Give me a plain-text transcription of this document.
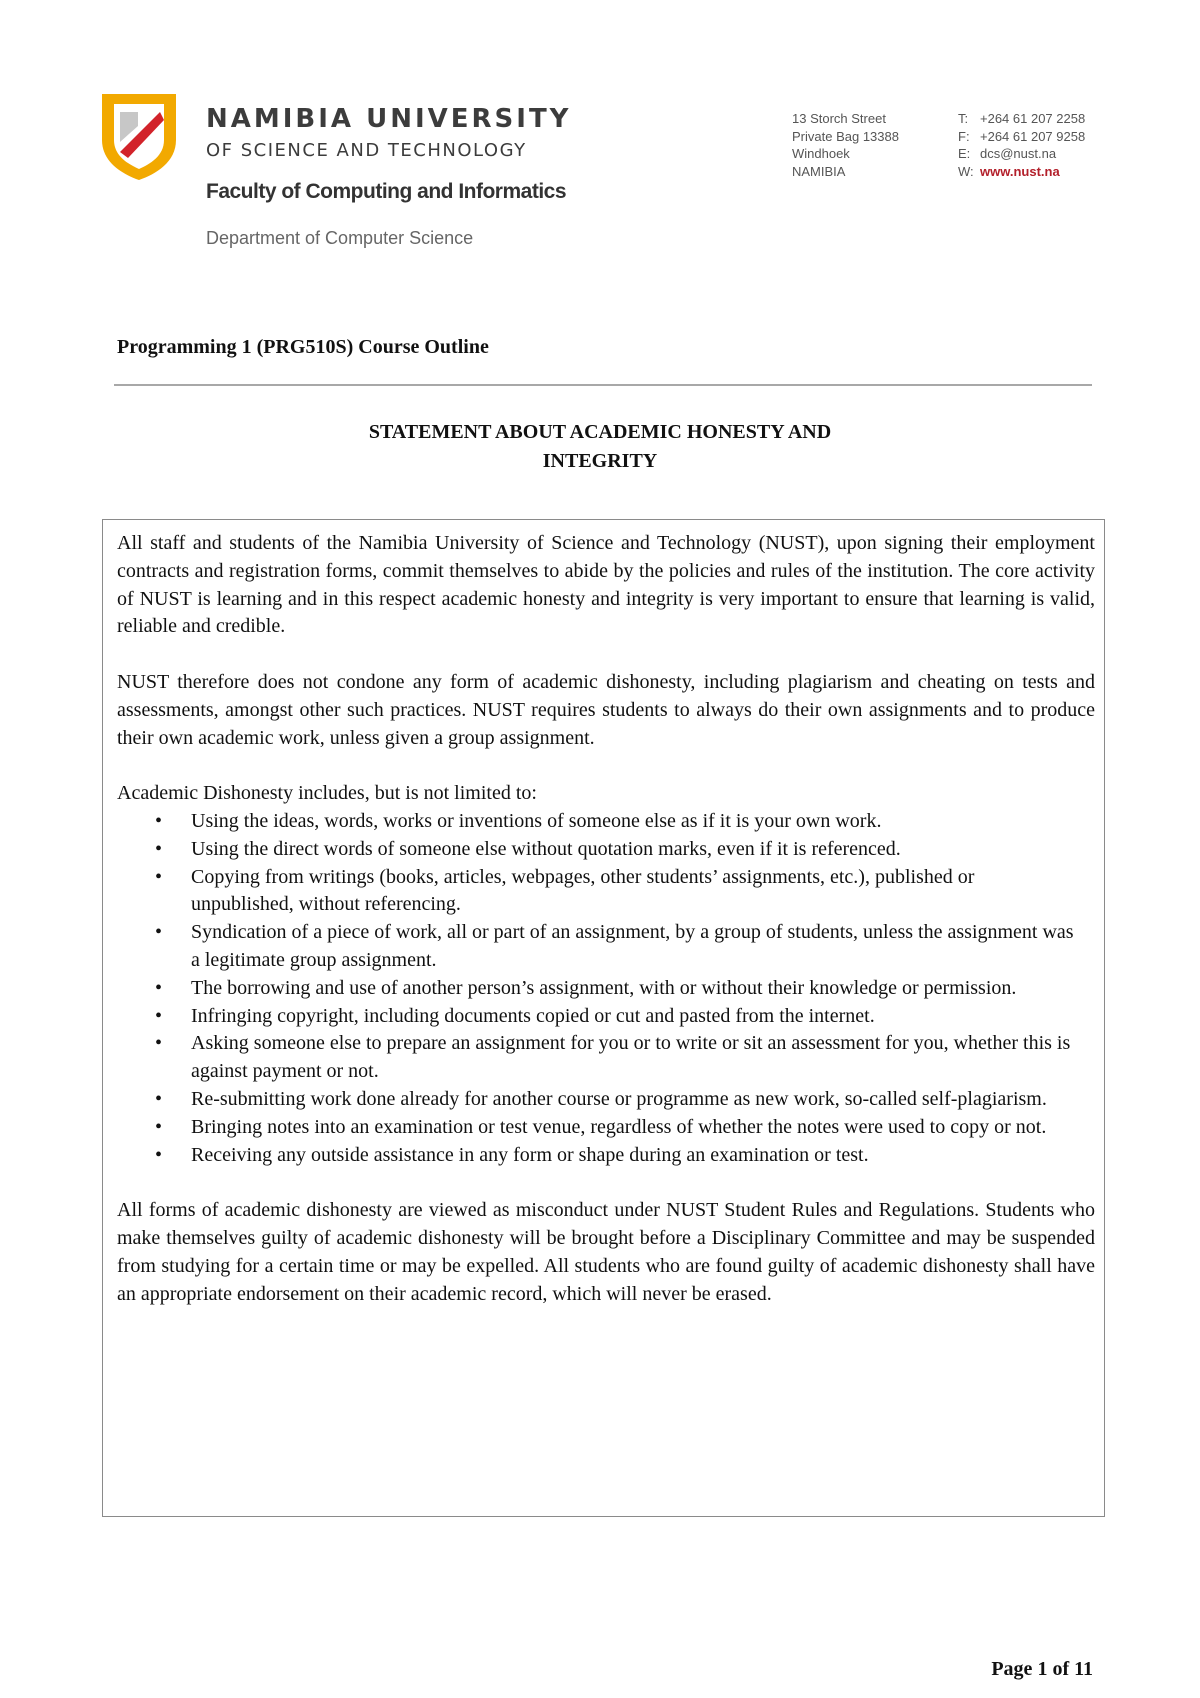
NAMIBIA UNIVERSITY
OF SCIENCE AND TECHNOLOGY
Faculty of Computing and Informatics
Department of Computer Science
13 Storch Street
Private Bag 13388
Windhoek
NAMIBIA
T: +264 61 207 2258
F: +264 61 207 9258
E: dcs@nust.na
W: www.nust.na
Programming 1 (PRG510S) Course Outline
STATEMENT ABOUT ACADEMIC HONESTY AND
INTEGRITY

All staff and students of the Namibia University of Science and Technology (NUST), upon signing their employment contracts and registration forms, commit themselves to abide by the policies and rules of the institution. The core activity of NUST is learning and in this respect academic honesty and integrity is very important to ensure that learning is valid, reliable and credible.

NUST therefore does not condone any form of academic dishonesty, including plagiarism and cheating on tests and assessments, amongst other such practices. NUST requires students to always do their own assignments and to produce their own academic work, unless given a group assignment.

Academic Dishonesty includes, but is not limited to:
• Using the ideas, words, works or inventions of someone else as if it is your own work.
• Using the direct words of someone else without quotation marks, even if it is referenced.
• Copying from writings (books, articles, webpages, other students’ assignments, etc.), published or unpublished, without referencing.
• Syndication of a piece of work, all or part of an assignment, by a group of students, unless the assignment was a legitimate group assignment.
• The borrowing and use of another person’s assignment, with or without their knowledge or permission.
• Infringing copyright, including documents copied or cut and pasted from the internet.
• Asking someone else to prepare an assignment for you or to write or sit an assessment for you, whether this is against payment or not.
• Re-submitting work done already for another course or programme as new work, so-called self-plagiarism.
• Bringing notes into an examination or test venue, regardless of whether the notes were used to copy or not.
• Receiving any outside assistance in any form or shape during an examination or test.

All forms of academic dishonesty are viewed as misconduct under NUST Student Rules and Regulations. Students who make themselves guilty of academic dishonesty will be brought before a Disciplinary Committee and may be suspended from studying for a certain time or may be expelled. All students who are found guilty of academic dishonesty shall have an appropriate endorsement on their academic record, which will never be erased.

Page 1 of 11
